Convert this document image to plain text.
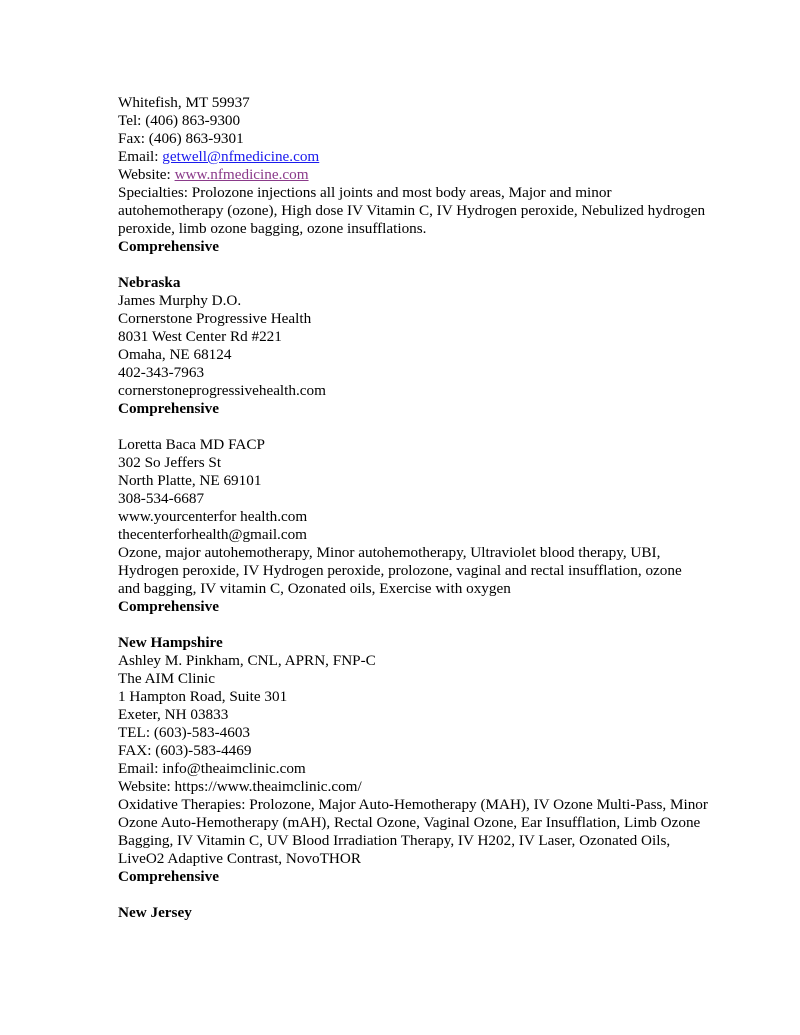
Whitefish, MT 59937
Tel: (406) 863-9300
Fax: (406) 863-9301
Email: getwell@nfmedicine.com
Website: www.nfmedicine.com
Specialties: Prolozone injections all joints and most body areas, Major and minor
autohemotherapy (ozone), High dose IV Vitamin C, IV Hydrogen peroxide, Nebulized hydrogen
peroxide, limb ozone bagging, ozone insufflations.
Comprehensive
Nebraska
James Murphy D.O.
Cornerstone Progressive Health
8031 West Center Rd #221
Omaha, NE 68124
402-343-7963
cornerstoneprogressivehealth.com
Comprehensive
Loretta Baca MD FACP
302 So Jeffers St
North Platte, NE 69101
308-534-6687
www.yourcenterfor health.com
thecenterforhealth@gmail.com
Ozone, major autohemotherapy, Minor autohemotherapy, Ultraviolet blood therapy, UBI,
Hydrogen peroxide, IV Hydrogen peroxide, prolozone, vaginal and rectal insufflation, ozone
and bagging, IV vitamin C, Ozonated oils, Exercise with oxygen
Comprehensive
New Hampshire
Ashley M. Pinkham, CNL, APRN, FNP-C
The AIM Clinic
1 Hampton Road, Suite 301
Exeter, NH 03833
TEL: (603)-583-4603
FAX: (603)-583-4469
Email: info@theaimclinic.com
Website: https://www.theaimclinic.com/
Oxidative Therapies: Prolozone, Major Auto-Hemotherapy (MAH), IV Ozone Multi-Pass, Minor
Ozone Auto-Hemotherapy (mAH), Rectal Ozone, Vaginal Ozone, Ear Insufflation, Limb Ozone
Bagging, IV Vitamin C, UV Blood Irradiation Therapy, IV H202, IV Laser, Ozonated Oils,
LiveO2 Adaptive Contrast, NovoTHOR
Comprehensive
New Jersey
